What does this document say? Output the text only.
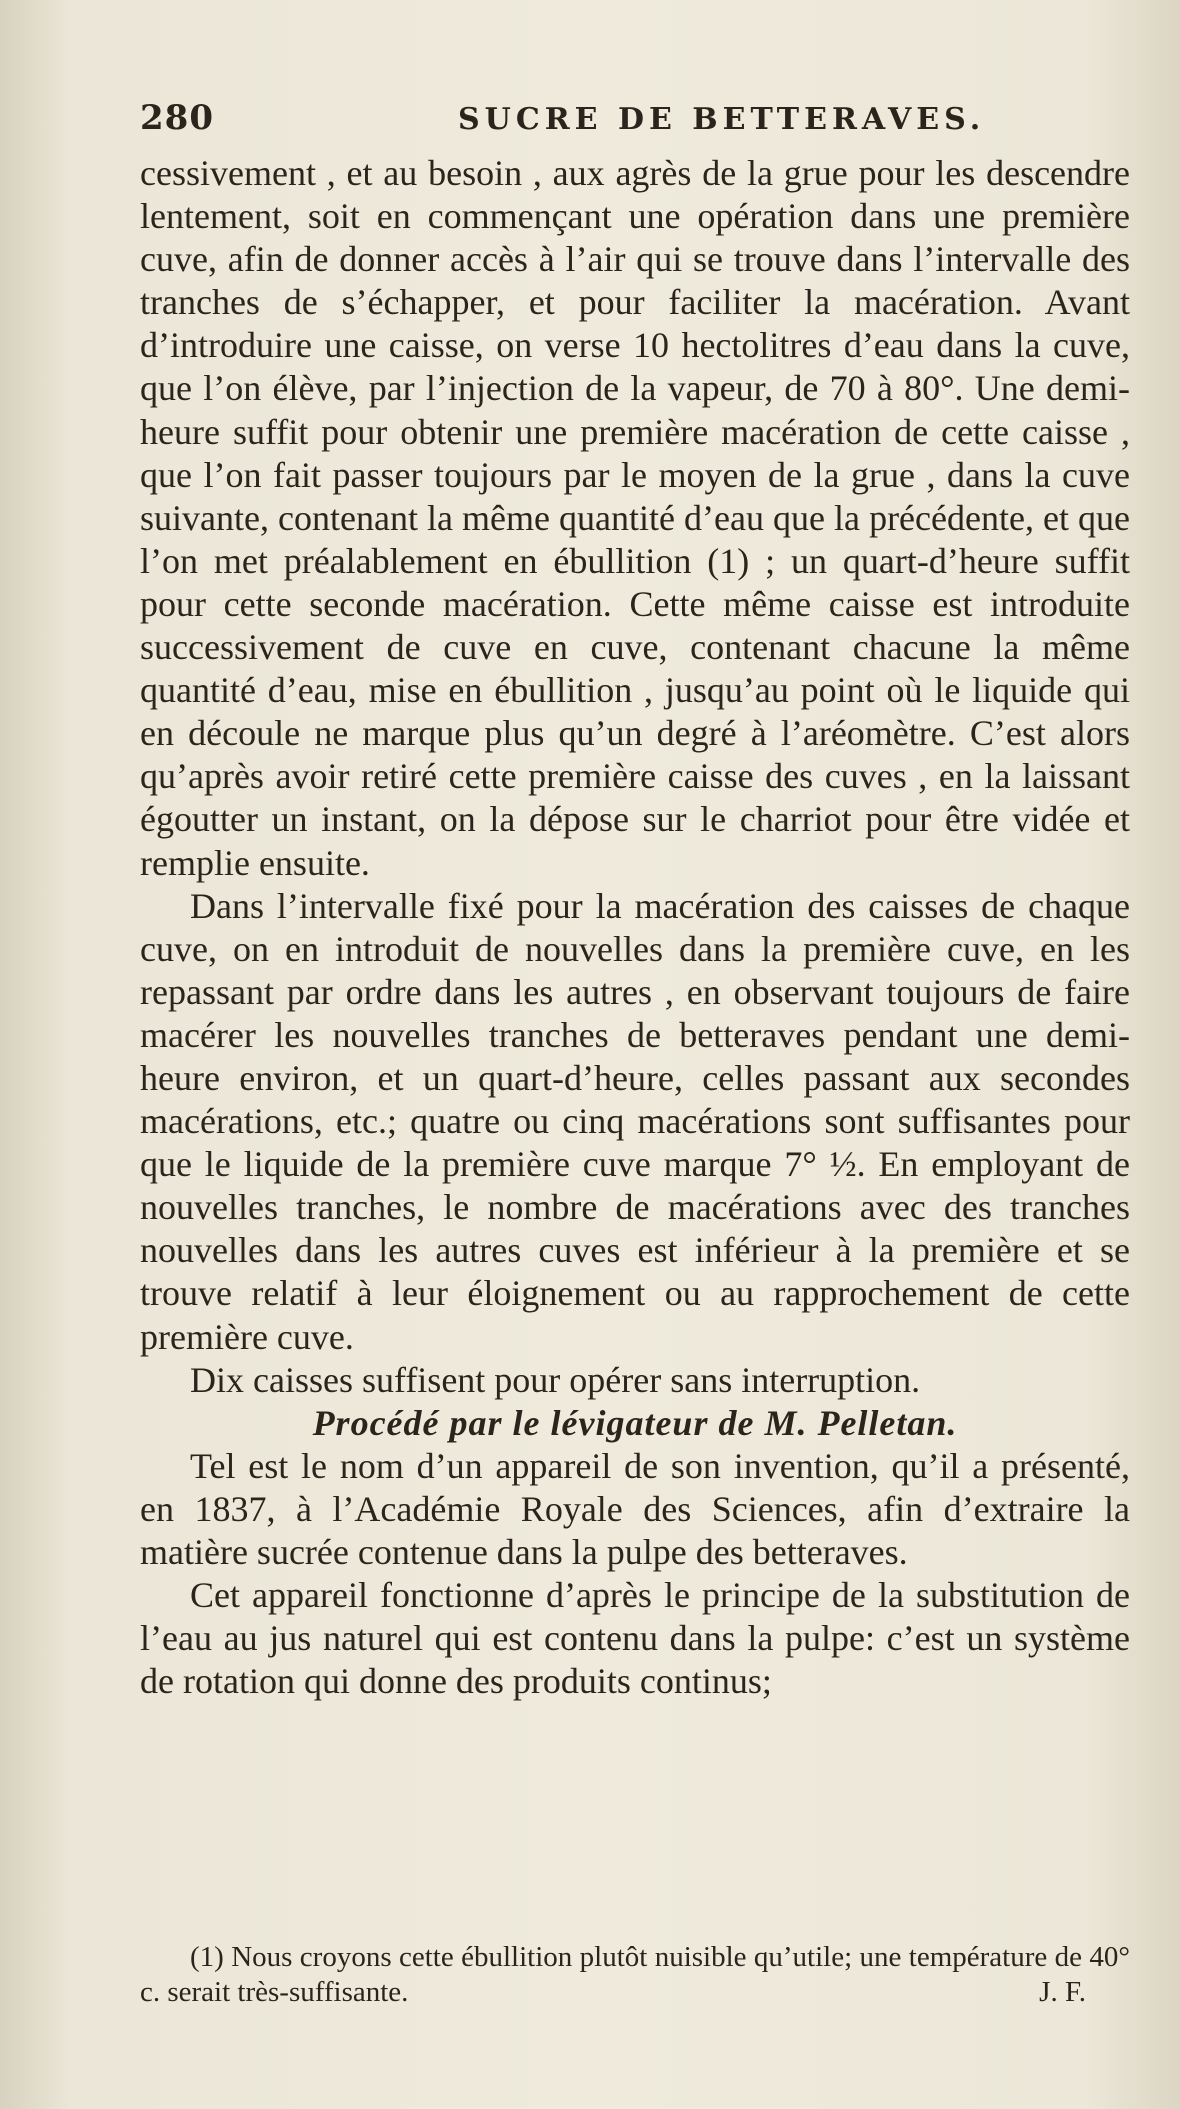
280	SUCRE DE BETTERAVES.

cessivement , et au besoin , aux agrès de la grue pour les descendre lentement, soit en commençant une opération dans une première cuve, afin de donner accès à l’air qui se trouve dans l’intervalle des tranches de s’échapper, et pour faciliter la macération. Avant d’introduire une caisse, on verse 10 hectolitres d’eau dans la cuve, que l’on élève, par l’injection de la vapeur, de 70 à 80°. Une demi-heure suffit pour obtenir une première macération de cette caisse , que l’on fait passer toujours par le moyen de la grue , dans la cuve suivante, contenant la même quantité d’eau que la précédente, et que l’on met préalablement en ébullition (1) ; un quart-d’heure suffit pour cette seconde macération. Cette même caisse est introduite successivement de cuve en cuve, contenant chacune la même quantité d’eau, mise en ébullition , jusqu’au point où le liquide qui en découle ne marque plus qu’un degré à l’aréomètre. C’est alors qu’après avoir retiré cette première caisse des cuves , en la laissant égoutter un instant, on la dépose sur le charriot pour être vidée et remplie ensuite.

Dans l’intervalle fixé pour la macération des caisses de chaque cuve, on en introduit de nouvelles dans la première cuve, en les repassant par ordre dans les autres , en observant toujours de faire macérer les nouvelles tranches de betteraves pendant une demi-heure environ, et un quart-d’heure, celles passant aux secondes macérations, etc.; quatre ou cinq macérations sont suffisantes pour que le liquide de la première cuve marque 7° ½. En employant de nouvelles tranches, le nombre de macérations avec des tranches nouvelles dans les autres cuves est inférieur à la première et se trouve relatif à leur éloignement ou au rapprochement de cette première cuve.

Dix caisses suffisent pour opérer sans interruption.

Procédé par le lévigateur de M. Pelletan.

Tel est le nom d’un appareil de son invention, qu’il a présenté, en 1837, à l’Académie Royale des Sciences, afin d’extraire la matière sucrée contenue dans la pulpe des betteraves.

Cet appareil fonctionne d’après le principe de la substitution de l’eau au jus naturel qui est contenu dans la pulpe: c’est un système de rotation qui donne des produits continus;

(1) Nous croyons cette ébullition plutôt nuisible qu’utile; une température de 40° c. serait très-suffisante.	J. F.
